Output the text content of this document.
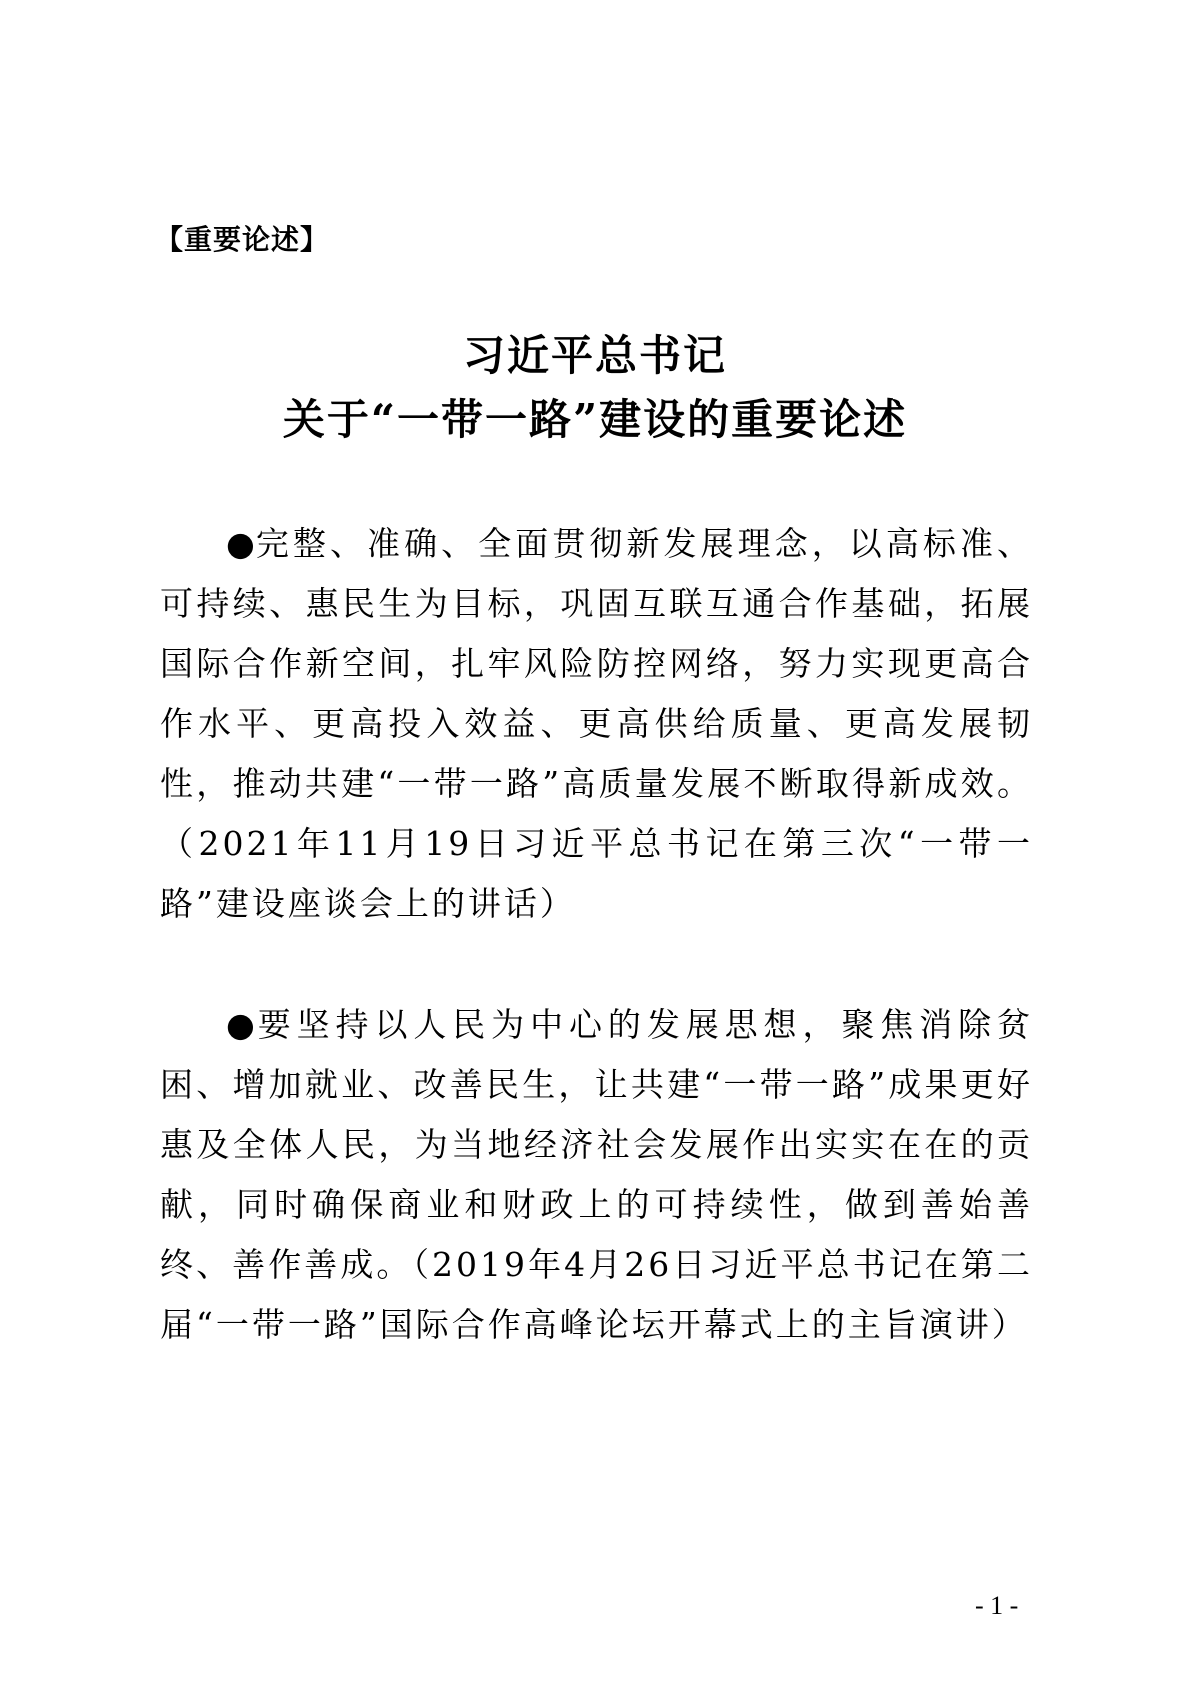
【重要论述】
习近平总书记
关于“一带一路”建设的重要论述

●完整、准确、全面贯彻新发展理念，以高标准、可持续、惠民生为目标，巩固互联互通合作基础，拓展国际合作新空间，扎牢风险防控网络，努力实现更高合作水平、更高投入效益、更高供给质量、更高发展韧性，推动共建“一带一路”高质量发展不断取得新成效。（2021年11月19日习近平总书记在第三次“一带一路”建设座谈会上的讲话）

●要坚持以人民为中心的发展思想，聚焦消除贫困、增加就业、改善民生，让共建“一带一路”成果更好惠及全体人民，为当地经济社会发展作出实实在在的贡献，同时确保商业和财政上的可持续性，做到善始善终、善作善成。（2019年4月26日习近平总书记在第二届“一带一路”国际合作高峰论坛开幕式上的主旨演讲）

- 1 -
